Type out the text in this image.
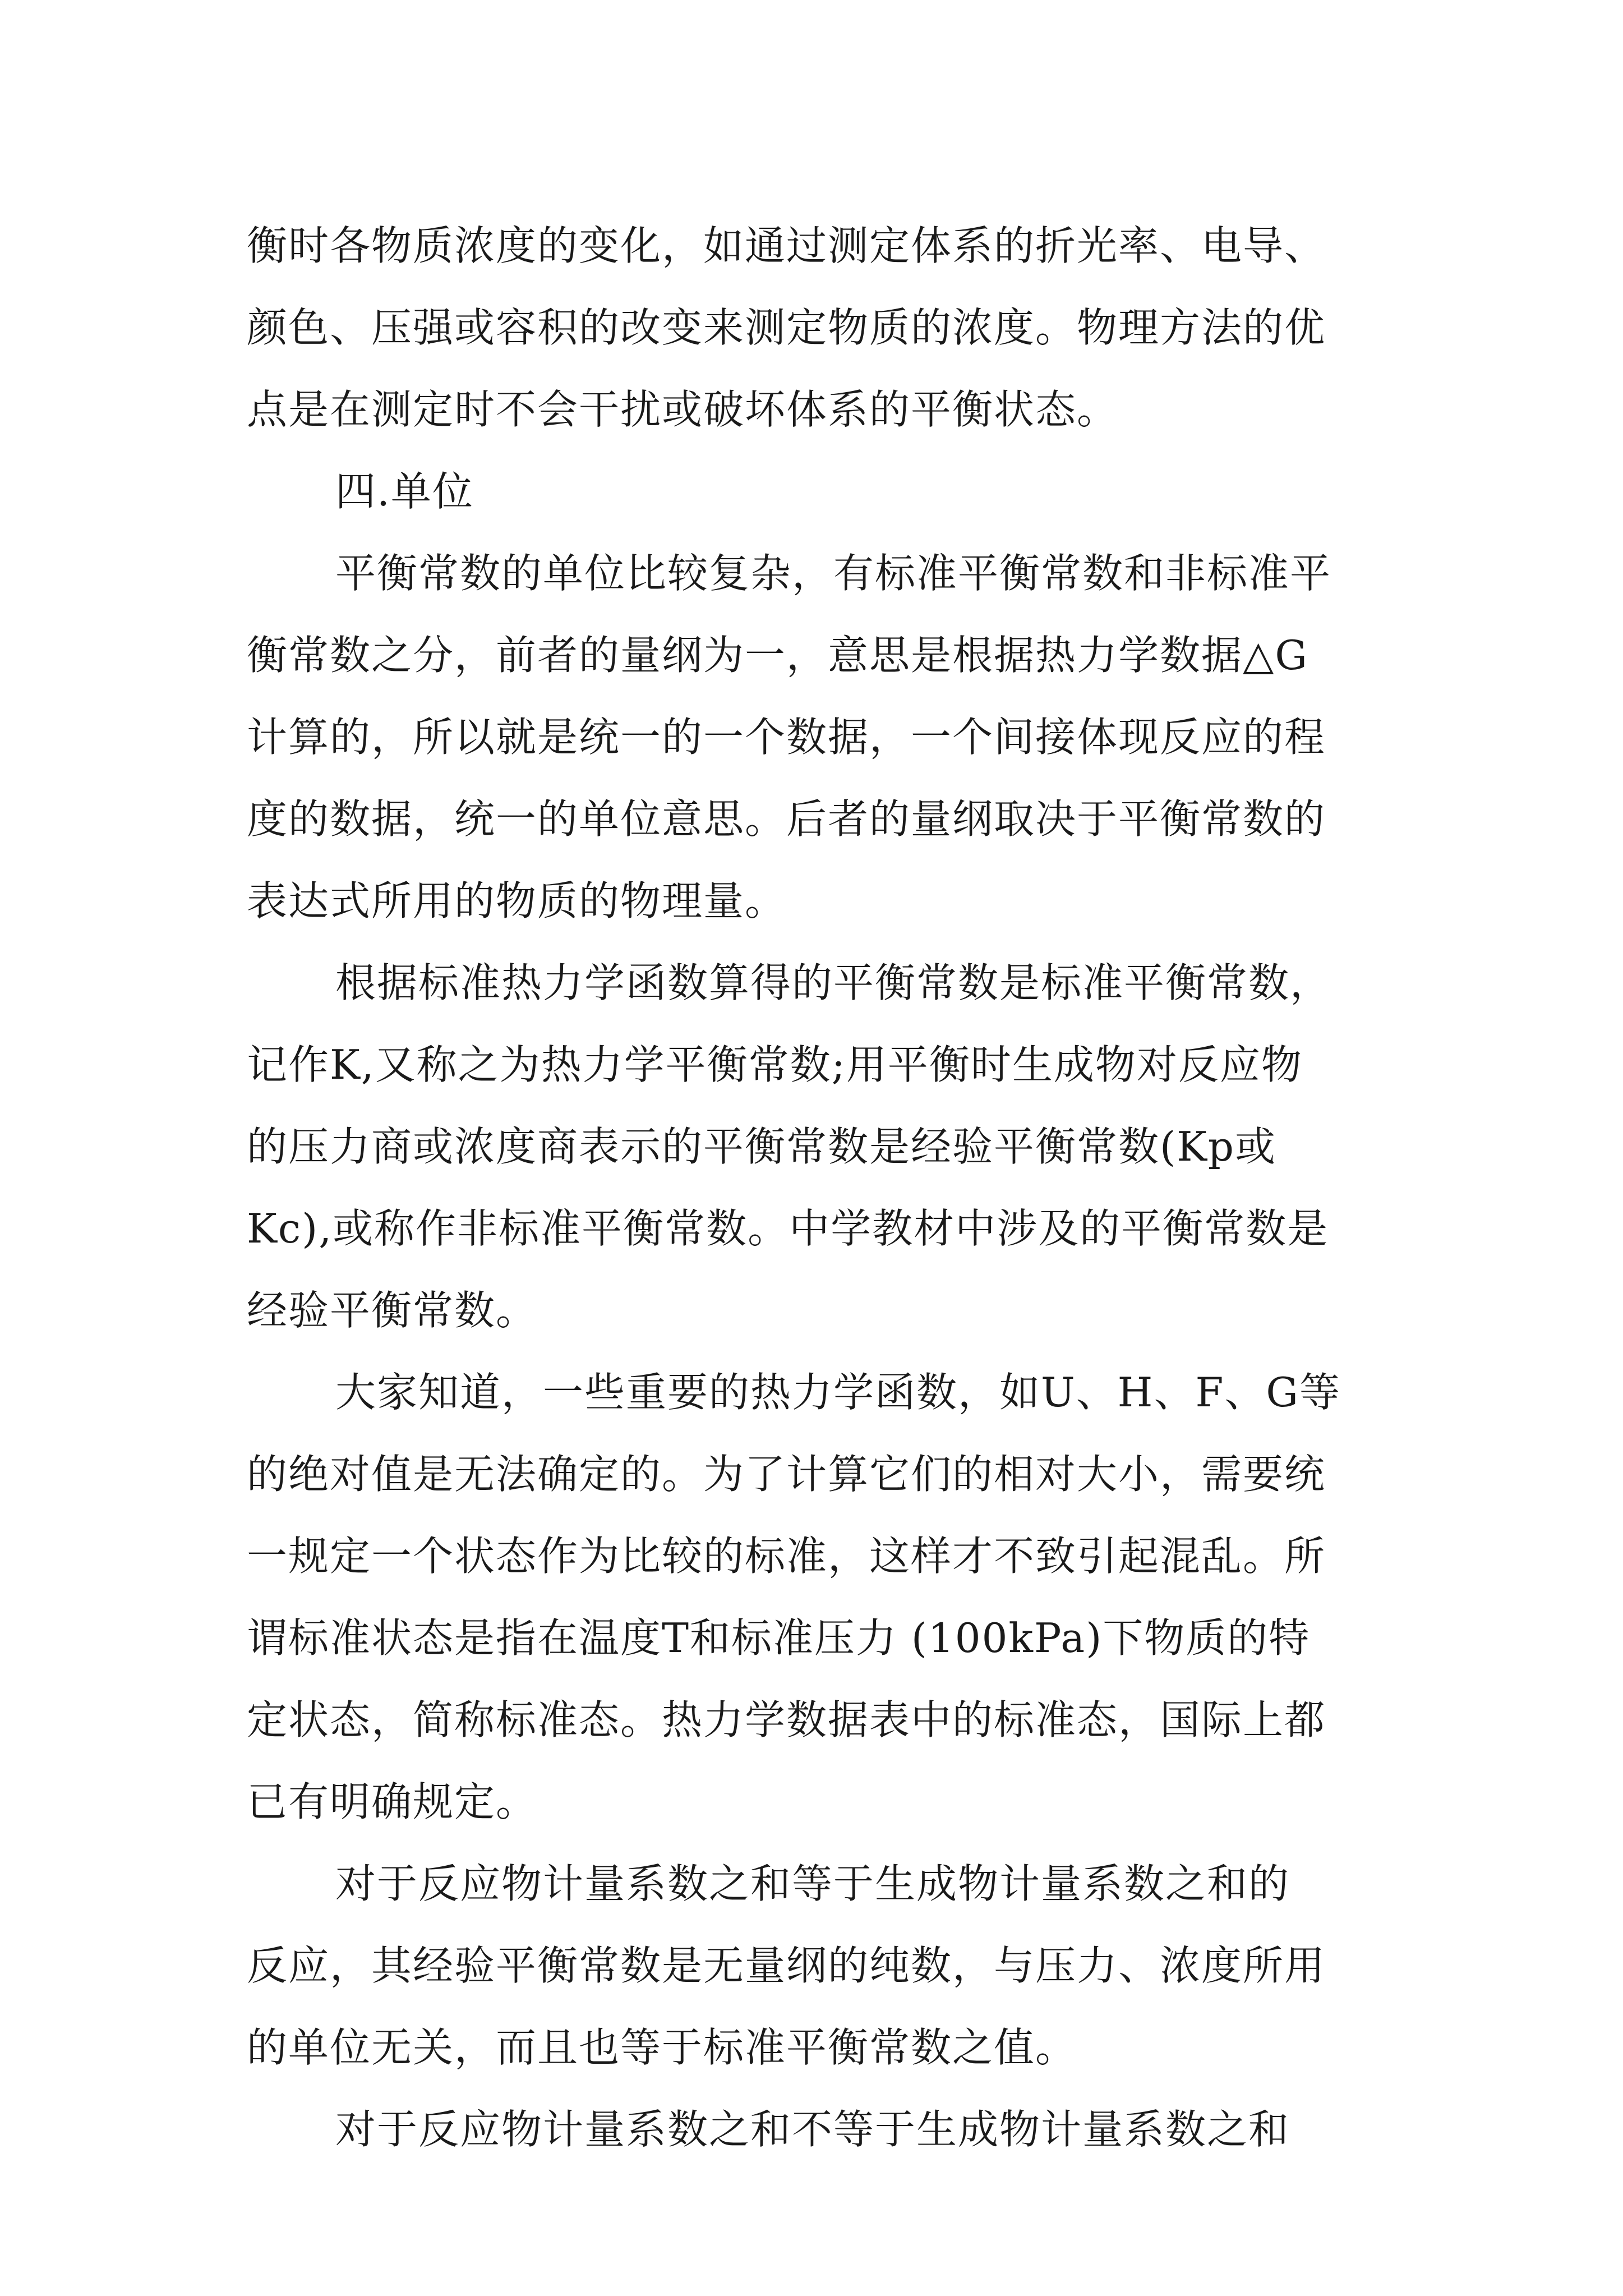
衡时各物质浓度的变化，如通过测定体系的折光率、电导、
颜色、压强或容积的改变来测定物质的浓度。物理方法的优
点是在测定时不会干扰或破坏体系的平衡状态。
四.单位
平衡常数的单位比较复杂，有标准平衡常数和非标准平
衡常数之分，前者的量纲为一，意思是根据热力学数据△G
计算的，所以就是统一的一个数据，一个间接体现反应的程
度的数据，统一的单位意思。后者的量纲取决于平衡常数的
表达式所用的物质的物理量。
根据标准热力学函数算得的平衡常数是标准平衡常数，
记作K,又称之为热力学平衡常数;用平衡时生成物对反应物
的压力商或浓度商表示的平衡常数是经验平衡常数(Kp或
Kc),或称作非标准平衡常数。中学教材中涉及的平衡常数是
经验平衡常数。
大家知道，一些重要的热力学函数，如U、H、F、G等
的绝对值是无法确定的。为了计算它们的相对大小，需要统
一规定一个状态作为比较的标准，这样才不致引起混乱。所
谓标准状态是指在温度T和标准压力 (100kPa)下物质的特
定状态，简称标准态。热力学数据表中的标准态，国际上都
已有明确规定。
对于反应物计量系数之和等于生成物计量系数之和的
反应，其经验平衡常数是无量纲的纯数，与压力、浓度所用
的单位无关，而且也等于标准平衡常数之值。
对于反应物计量系数之和不等于生成物计量系数之和
